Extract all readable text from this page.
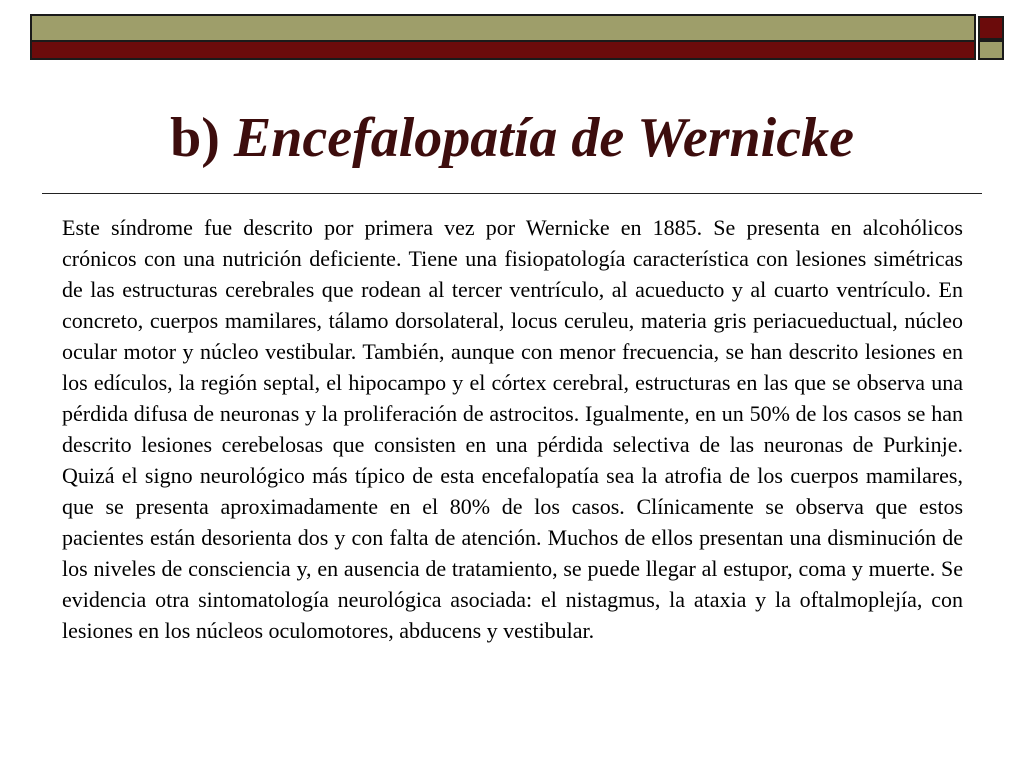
b) Encefalopatía de Wernicke

Este síndrome fue descrito por primera vez por Wernicke en 1885. Se presenta en alcohólicos crónicos con una nutrición deficiente. Tiene una fisiopatología característica con lesiones simétricas de las estructuras cerebrales que rodean al tercer ventrículo, al acueducto y al cuarto ventrículo. En concreto, cuerpos mamilares, tálamo dorsolateral, locus ceruleu, materia gris periacueductual, núcleo ocular motor y núcleo vestibular. También, aunque con menor frecuencia, se han descrito lesiones en los edículos, la región septal, el hipocampo y el córtex cerebral, estructuras en las que se observa una pérdida difusa de neuronas y la proliferación de astrocitos. Igualmente, en un 50% de los casos se han descrito lesiones cerebelosas que consisten en una pérdida selectiva de las neuronas de Purkinje. Quizá el signo neurológico más típico de esta encefalopatía sea la atrofia de los cuerpos mamilares, que se presenta aproximadamente en el 80% de los casos. Clínicamente se observa que estos pacientes están desorienta dos y con falta de atención. Muchos de ellos presentan una disminución de los niveles de consciencia y, en ausencia de tratamiento, se puede llegar al estupor, coma y muerte. Se evidencia otra sintomatología neurológica asociada: el nistagmus, la ataxia y la oftalmoplejía, con lesiones en los núcleos oculomotores, abducens y vestibular.
